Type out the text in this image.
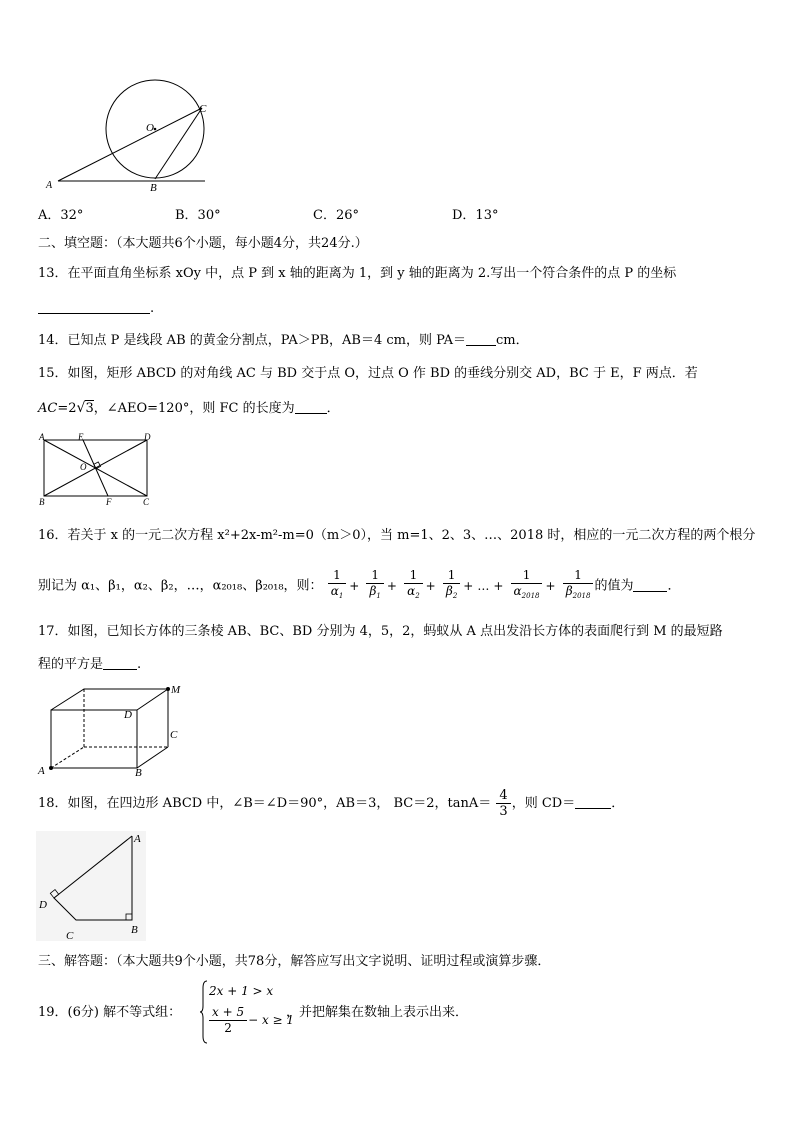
O
C
A	B
A．32°	B．30°	C．26°	D．13°
二、填空题：（本大题共6个小题，每小题4分，共24分.）
13．在平面直角坐标系 xOy 中，点 P 到 x 轴的距离为 1，到 y 轴的距离为 2.写出一个符合条件的点 P 的坐标
.
14．已知点 P 是线段 AB 的黄金分割点，PA＞PB，AB＝4 cm，则 PA＝ cm．
15．如图，矩形 ABCD 的对角线 AC 与 BD 交于点 O，过点 O 作 BD 的垂线分别交 AD，BC 于 E，F 两点．若
AC=2√3，∠AEO=120°，则 FC 的长度为 ．
A	E	D
O
B	F	C
16．若关于 x 的一元二次方程 x²+2x-m²-m=0（m＞0），当 m=1、2、3、…、2018 时，相应的一元二次方程的两个根分
别记为 α₁、β₁，α₂、β₂，…，α₂₀₁₈、β₂₀₁₈，则： $\frac{1}{\alpha_1} + \frac{1}{\beta_1} + \frac{1}{\alpha_2} + \frac{1}{\beta_2}$ + … + $\frac{1}{\alpha_{2018}} + \frac{1}{\beta_{2018}}$ 的值为	．
17．如图，已知长方体的三条棱 AB、BC、BD 分别为 4，5，2，蚂蚁从 A 点出发沿长方体的表面爬行到 M 的最短路
程的平方是	.
M
D
C
A	B
18．如图，在四边形 ABCD 中，∠B＝∠D＝90°，AB＝3， BC＝2，$\tan A= \frac{4}{3}$ ，则 CD＝	．
A
D
C	B
三、解答题：（本大题共9个小题，共78分，解答应写出文字说明、证明过程或演算步骤．
19．(6分) 解不等式组：
2x + 1 > x
$\frac{x + 5}{2} - x \ge 1$
，并把解集在数轴上表示出来．
